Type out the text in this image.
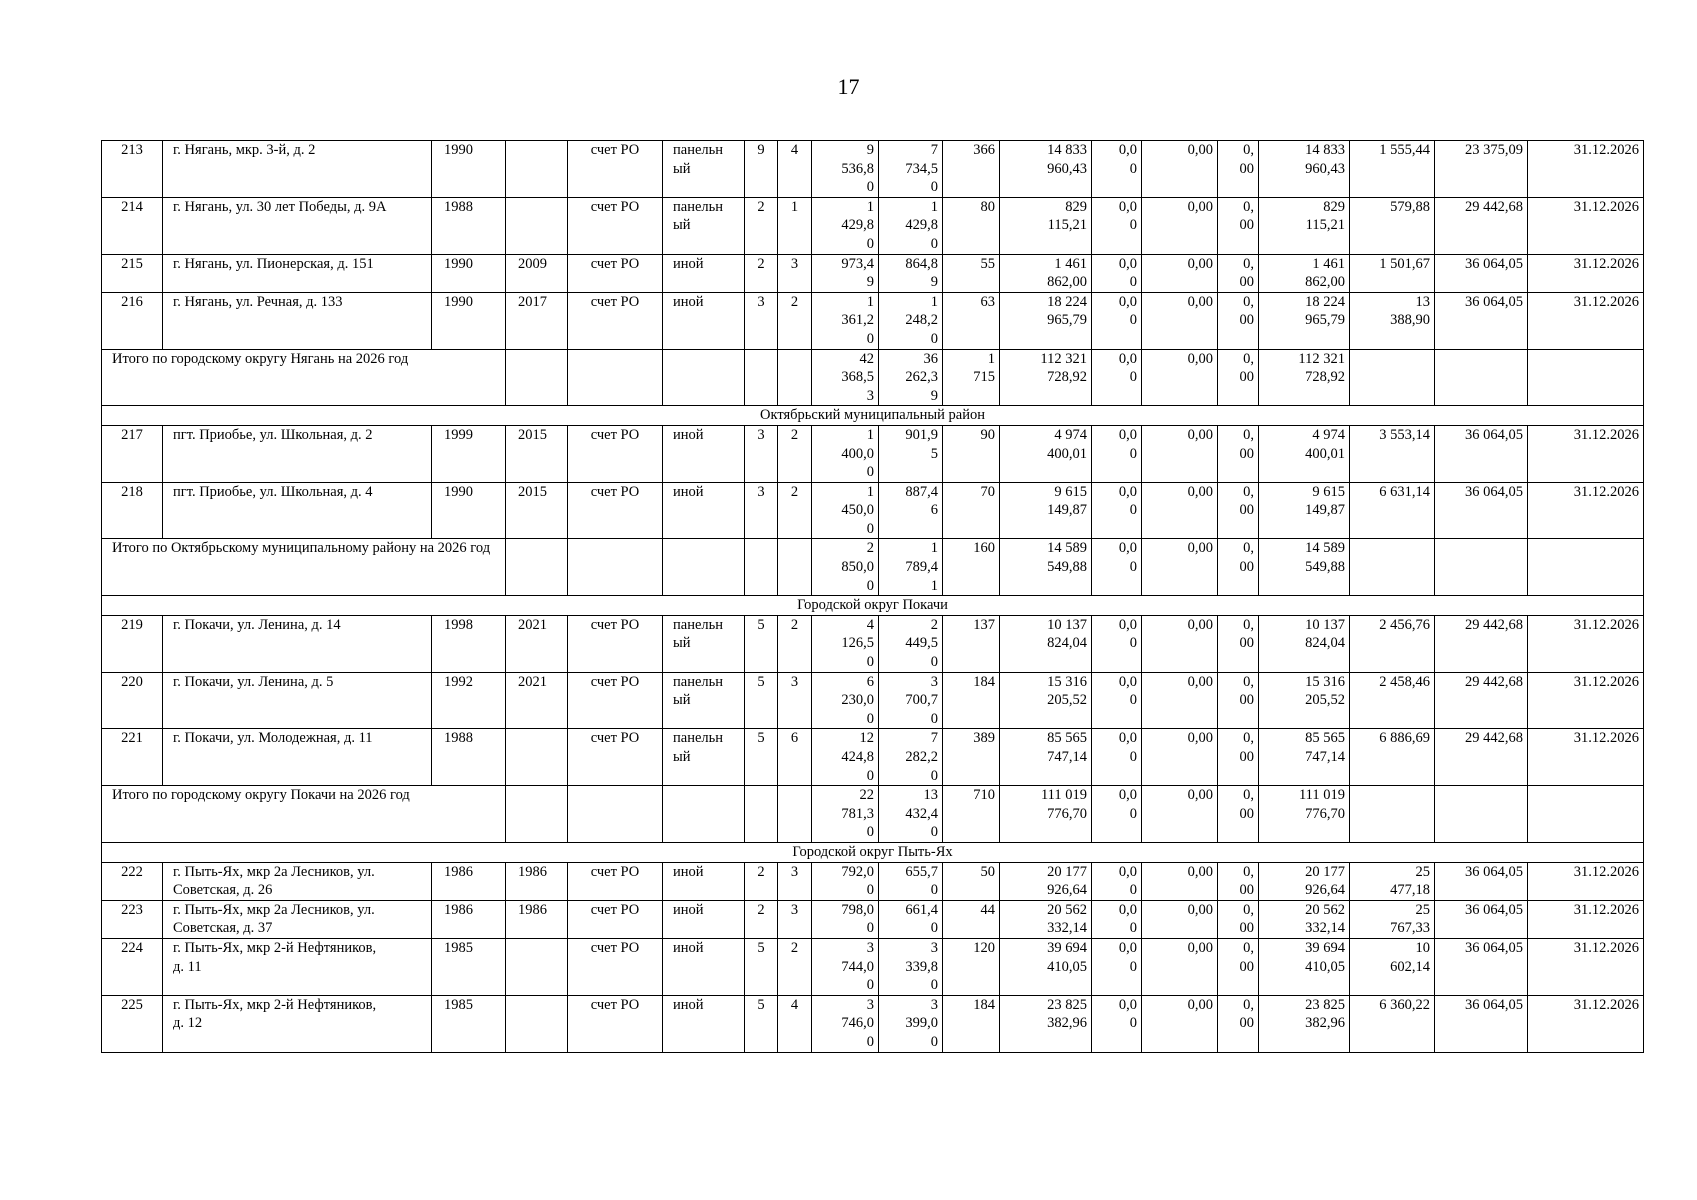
17
213	г. Нягань, мкр. 3-й, д. 2	1990		счет РО	панельн
ый	9	4	9
536,8
0	7
734,5
0	366	14 833
960,43	0,0
0	0,00	0,
00	14 833
960,43	1 555,44	23 375,09	31.12.2026
214	г. Нягань, ул. 30 лет Победы, д. 9А	1988		счет РО	панельн
ый	2	1	1
429,8
0	1
429,8
0	80	829
115,21	0,0
0	0,00	0,
00	829
115,21	579,88	29 442,68	31.12.2026
215	г. Нягань, ул. Пионерская, д. 151	1990	2009	счет РО	иной	2	3	973,4
9	864,8
9	55	1 461
862,00	0,0
0	0,00	0,
00	1 461
862,00	1 501,67	36 064,05	31.12.2026
216	г. Нягань, ул. Речная, д. 133	1990	2017	счет РО	иной	3	2	1
361,2
0	1
248,2
0	63	18 224
965,79	0,0
0	0,00	0,
00	18 224
965,79	13
388,90	36 064,05	31.12.2026
Итого по городскому округу Нягань на 2026 год								42
368,5
3	36
262,3
9	1
715	112 321
728,92	0,0
0	0,00	0,
00	112 321
728,92			
Октябрьский муниципальный район																		
217	пгт. Приобье, ул. Школьная, д. 2	1999	2015	счет РО	иной	3	2	1
400,0
0	901,9
5	90	4 974
400,01	0,0
0	0,00	0,
00	4 974
400,01	3 553,14	36 064,05	31.12.2026
218	пгт. Приобье, ул. Школьная, д. 4	1990	2015	счет РО	иной	3	2	1
450,0
0	887,4
6	70	9 615
149,87	0,0
0	0,00	0,
00	9 615
149,87	6 631,14	36 064,05	31.12.2026
Итого по Октябрьскому муниципальному району на 2026 год								2
850,0
0	1
789,4
1	160	14 589
549,88	0,0
0	0,00	0,
00	14 589
549,88			
Городской округ Покачи																		
219	г. Покачи, ул. Ленина, д. 14	1998	2021	счет РО	панельн
ый	5	2	4
126,5
0	2
449,5
0	137	10 137
824,04	0,0
0	0,00	0,
00	10 137
824,04	2 456,76	29 442,68	31.12.2026
220	г. Покачи, ул. Ленина, д. 5	1992	2021	счет РО	панельн
ый	5	3	6
230,0
0	3
700,7
0	184	15 316
205,52	0,0
0	0,00	0,
00	15 316
205,52	2 458,46	29 442,68	31.12.2026
221	г. Покачи, ул. Молодежная, д. 11	1988		счет РО	панельн
ый	5	6	12
424,8
0	7
282,2
0	389	85 565
747,14	0,0
0	0,00	0,
00	85 565
747,14	6 886,69	29 442,68	31.12.2026
Итого по городскому округу Покачи на 2026 год								22
781,3
0	13
432,4
0	710	111 019
776,70	0,0
0	0,00	0,
00	111 019
776,70			
Городской округ Пыть-Ях																		
222	г. Пыть-Ях, мкр 2а Лесников, ул.
Советская, д. 26	1986	1986	счет РО	иной	2	3	792,0
0	655,7
0	50	20 177
926,64	0,0
0	0,00	0,
00	20 177
926,64	25
477,18	36 064,05	31.12.2026
223	г. Пыть-Ях, мкр 2а Лесников, ул.
Советская, д. 37	1986	1986	счет РО	иной	2	3	798,0
0	661,4
0	44	20 562
332,14	0,0
0	0,00	0,
00	20 562
332,14	25
767,33	36 064,05	31.12.2026
224	г. Пыть-Ях, мкр 2-й Нефтяников,
д. 11	1985		счет РО	иной	5	2	3
744,0
0	3
339,8
0	120	39 694
410,05	0,0
0	0,00	0,
00	39 694
410,05	10
602,14	36 064,05	31.12.2026
225	г. Пыть-Ях, мкр 2-й Нефтяников,
д. 12	1985		счет РО	иной	5	4	3
746,0
0	3
399,0
0	184	23 825
382,96	0,0
0	0,00	0,
00	23 825
382,96	6 360,22	36 064,05	31.12.2026
